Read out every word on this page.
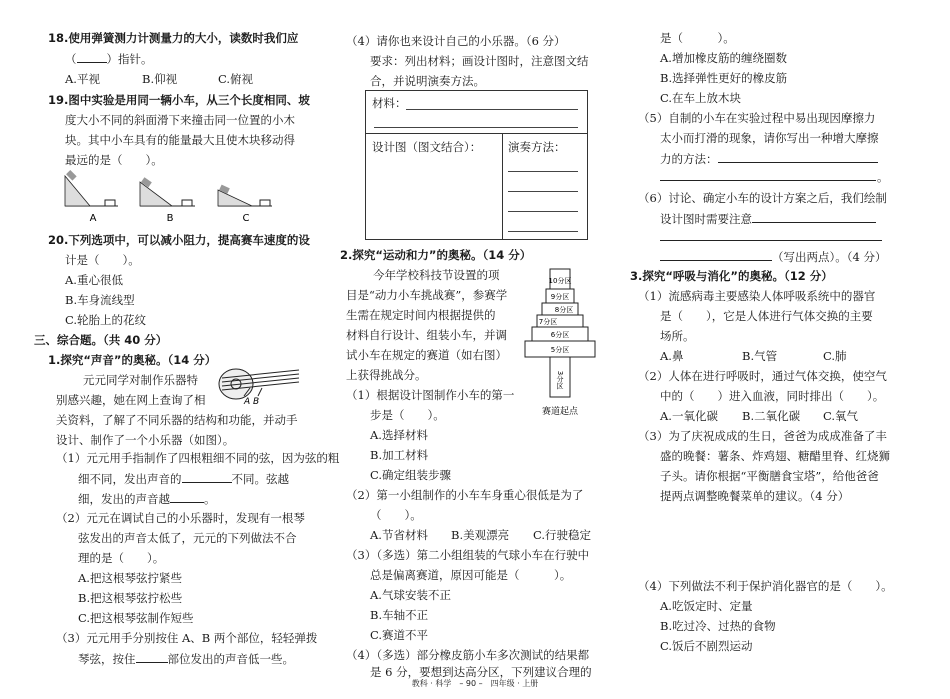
18.使用弹簧测力计测量力的大小，读数时我们应
（	）指针。
A.平视	B.仰视	C.俯视
19.图中实验是用同一辆小车，从三个长度相同、坡
度大小不同的斜面滑下来撞击同一位置的小木
块。其中小车具有的能量最大且使木块移动得
最远的是（　　）。
A	B	C
20.下列选项中，可以减小阻力，提高赛车速度的设
计是（　　）。
A.重心很低
B.车身流线型
C.轮胎上的花纹
三、综合题。（共 40 分）
1.探究“声音”的奥秘。（14 分）
元元同学对制作乐器特
别感兴趣，她在网上查询了相
关资料，了解了不同乐器的结构和功能，并动手
设计、制作了一个小乐器（如图）。
A B
（1）元元用手指制作了四根粗细不同的弦，因为弦的粗
细不同，发出声音的	不同。弦越
细，发出的声音越	。
（2）元元在调试自己的小乐器时，发现有一根琴
弦发出的声音太低了，元元的下列做法不合
理的是（　　）。
A.把这根琴弦拧紧些
B.把这根琴弦拧松些
C.把这根琴弦制作短些
（3）元元用手分别按住 A、B 两个部位，轻轻弹拨
琴弦，按住	部位发出的声音低一些。
（4）请你也来设计自己的小乐器。（6 分）
要求：列出材料；画设计图时，注意图文结
合，并说明演奏方法。
材料：
设计图（图文结合）： 演奏方法：
2.探究“运动和力”的奥秘。（14 分）
今年学校科技节设置的项
目是“动力小车挑战赛”，参赛学
生需在规定时间内根据提供的
材料自行设计、组装小车，并调
试小车在规定的赛道（如右图）
上获得挑战分。
10分区
9分区
8分区
7分区
6分区
5分区
3分区
赛道起点
（1）根据设计图制作小车的第一
步是（　　）。
A.选择材料
B.加工材料
C.确定组装步骤
（2）第一小组制作的小车车身重心很低是为了
（　　）。
A.节省材料 B.美观漂亮 C.行驶稳定
（3）（多选）第二小组组装的气球小车在行驶中
总是偏离赛道，原因可能是（　　　）。
A.气球安装不正
B.车轴不正
C.赛道不平
（4）（多选）部分橡皮筋小车多次测试的结果都
是 6 分，要想到达高分区，下列建议合理的
是（　　　）。
A.增加橡皮筋的缠绕圈数
B.选择弹性更好的橡皮筋
C.在车上放木块
（5）自制的小车在实验过程中易出现因摩擦力
太小而打滑的现象，请你写出一种增大摩擦
力的方法：
。
（6）讨论、确定小车的设计方案之后，我们绘制
设计图时需要注意
（写出两点）。（4 分）
3.探究“呼吸与消化”的奥秘。（12 分）
（1）流感病毒主要感染人体呼吸系统中的器官
是（　　），它是人体进行气体交换的主要
场所。
A.鼻	B.气管	C.肺
（2）人体在进行呼吸时，通过气体交换，使空气
中的（　　）进入血液，同时排出（　　）。
A.一氧化碳 B.二氧化碳 C.氧气
（3）为了庆祝成成的生日，爸爸为成成准备了丰
盛的晚餐：薯条、炸鸡翅、糖醋里脊、红烧狮
子头。请你根据“平衡膳食宝塔”，给他爸爸
提两点调整晚餐菜单的建议。（4 分）
（4）下列做法不利于保护消化器官的是（　　）。
A.吃饭定时、定量
B.吃过冷、过热的食物
C.饭后不剧烈运动
教科 · 科学　– 90 –　四年级 · 上册
